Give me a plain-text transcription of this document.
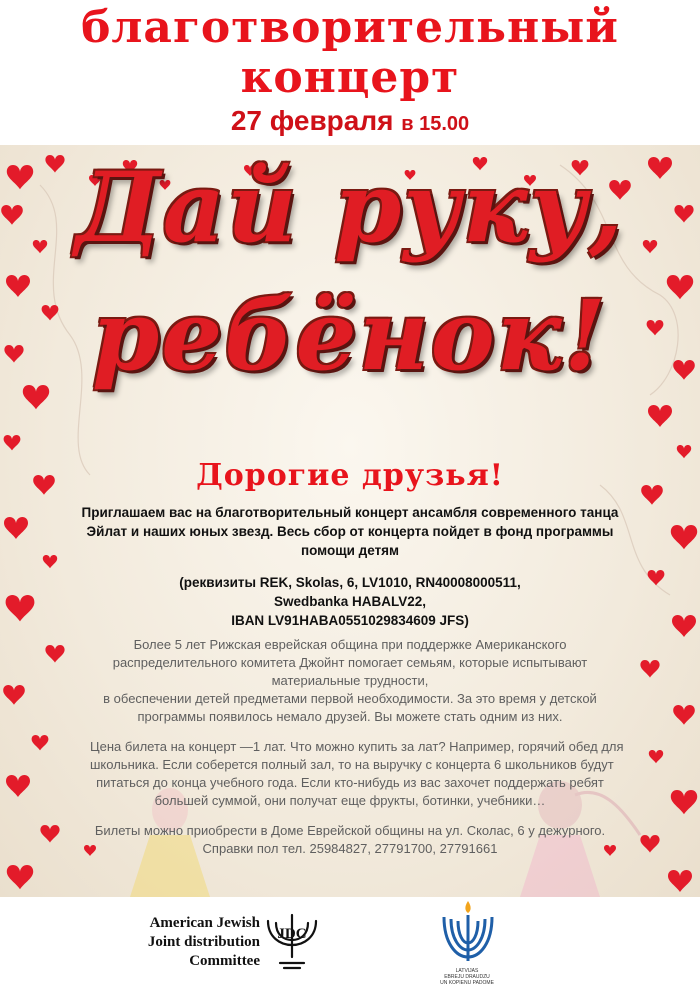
благотворительный
концерт
27 февраля в 15.00
Дай руку,
ребёнок!
Дорогие друзья!
Приглашаем вас на благотворительный концерт ансамбля современного танца
Эйлат и наших юных звезд. Весь сбор от концерта пойдет в фонд программы
помощи детям
(реквизиты REK, Skolas, 6, LV1010, RN40008000511,
Swedbanka HABALV22,
IBAN LV91HABA0551029834609 JFS)
Более 5 лет Рижская еврейская община при поддержке Американского
распределительного комитета Джойнт помогает семьям, которые испытывают
материальные трудности,
в обеспечении детей предметами первой необходимости. За это время у детской
программы появилось немало друзей. Вы можете стать одним из них.
Цена билета на концерт —1 лат. Что можно купить за лат? Например, горячий обед для
школьника. Если соберется полный зал, то на выручку с концерта 6 школьников будут
питаться до конца учебного года. Если кто-нибудь из вас захочет поддержать ребят
большей суммой, они получат еще фрукты, ботинки, учебники…
Билеты можно приобрести в Доме Еврейской общины на ул. Сколас, 6 у дежурного.
Справки пол тел. 25984827, 27791700, 27791661
American Jewish
Joint distribution
Committee
JDC
LATVIJAS
EBREJU DRAUDZU
UN KOPIENU PADOME
